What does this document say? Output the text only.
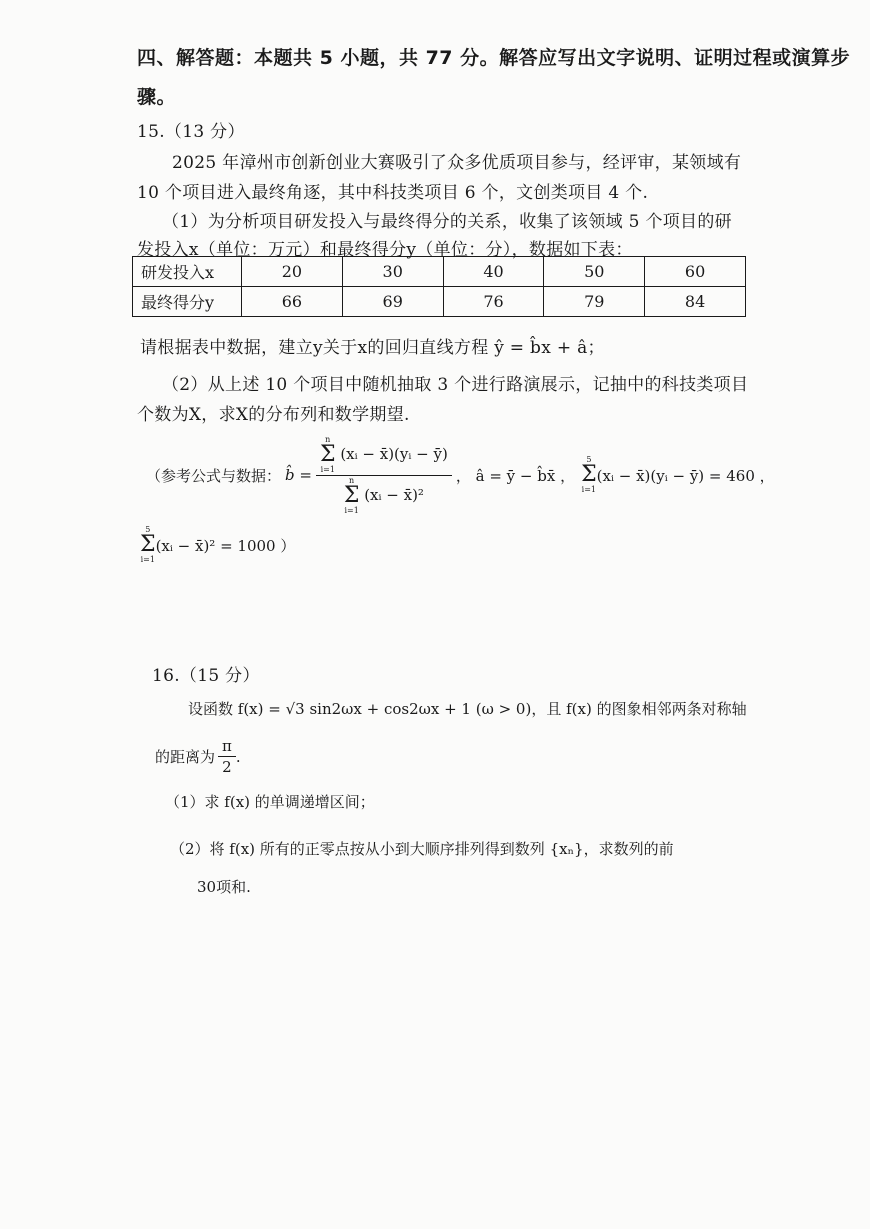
四、解答题：本题共 5 小题，共 77 分。解答应写出文字说明、证明过程或演算步
骤。
15.（13 分）
2025 年漳州市创新创业大赛吸引了众多优质项目参与，经评审，某领域有
10 个项目进入最终角逐，其中科技类项目 6 个，文创类项目 4 个.
（1）为分析项目研发投入与最终得分的关系，收集了该领域 5 个项目的研
发投入x（单位：万元）和最终得分y（单位：分），数据如下表：
研发投入x	20	30	40	50	60
最终得分y	66	69	76	79	84
请根据表中数据，建立y关于x的回归直线方程 ŷ = b̂x + â；
（2）从上述 10 个项目中随机抽取 3 个进行路演展示，记抽中的科技类项目
个数为X，求X的分布列和数学期望.
（参考公式与数据： b̂ = n
Σ
i=1
(xᵢ − x̄)(yᵢ − ȳ)
n
Σ
i=1
(xᵢ − x̄)² ， â = ȳ − b̂x̄ ，
5
Σ
i=1
(xᵢ − x̄)(yᵢ − ȳ) = 460 ，
5
Σ
i=1
(xᵢ − x̄)² = 1000 ）
16.（15 分）
设函数 f(x) = √3 sin2ωx + cos2ωx + 1 (ω > 0)，且 f(x) 的图象相邻两条对称轴
的距离为 $\frac{\pi}{2}$ .
（1）求 f(x) 的单调递增区间；
（2）将 f(x) 所有的正零点按从小到大顺序排列得到数列 {xₙ}，求数列的前
30项和.
